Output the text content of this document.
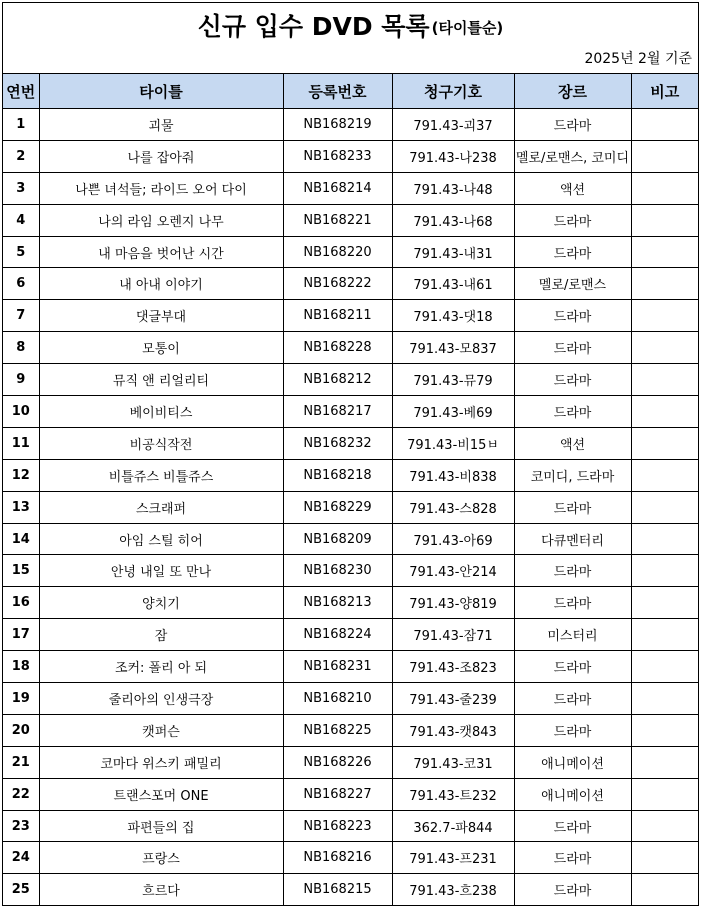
신규 입수 DVD 목록 (타이틀순)
2025년 2월 기준
연번	타이틀	등록번호	청구기호	장르	비고
1	괴물	NB168219	791.43-괴37	드라마	
2	나를 잡아줘	NB168233	791.43-나238	멜로/로맨스, 코미디	
3	나쁜 녀석들; 라이드 오어 다이	NB168214	791.43-나48	액션	
4	나의 라임 오렌지 나무	NB168221	791.43-나68	드라마	
5	내 마음을 벗어난 시간	NB168220	791.43-내31	드라마	
6	내 아내 이야기	NB168222	791.43-내61	멜로/로맨스	
7	댓글부대	NB168211	791.43-댓18	드라마	
8	모통이	NB168228	791.43-모837	드라마	
9	뮤직 앤 리얼리티	NB168212	791.43-뮤79	드라마	
10	베이비티스	NB168217	791.43-베69	드라마	
11	비공식작전	NB168232	791.43-비15ㅂ	액션	
12	비틀쥬스 비틀쥬스	NB168218	791.43-비838	코미디, 드라마	
13	스크래퍼	NB168229	791.43-스828	드라마	
14	아임 스틸 히어	NB168209	791.43-아69	다큐멘터리	
15	안녕 내일 또 만나	NB168230	791.43-안214	드라마	
16	양치기	NB168213	791.43-양819	드라마	
17	잠	NB168224	791.43-잠71	미스터리	
18	조커: 폴리 아 되	NB168231	791.43-조823	드라마	
19	줄리아의 인생극장	NB168210	791.43-줄239	드라마	
20	캣퍼슨	NB168225	791.43-캣843	드라마	
21	코마다 위스키 패밀리	NB168226	791.43-코31	애니메이션	
22	트랜스포머 ONE	NB168227	791.43-트232	애니메이션	
23	파편들의 집	NB168223	362.7-파844	드라마	
24	프랑스	NB168216	791.43-프231	드라마	
25	흐르다	NB168215	791.43-흐238	드라마	
